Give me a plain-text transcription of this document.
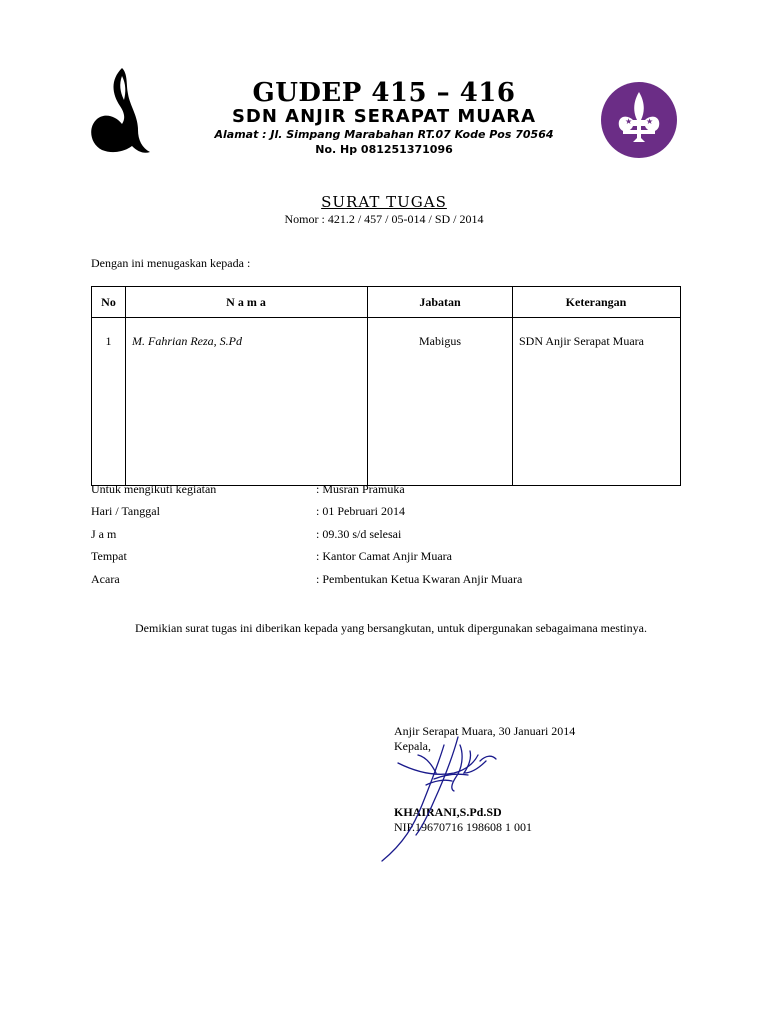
★ ★
GUDEP 415 – 416
SDN ANJIR SERAPAT MUARA
Alamat : Jl. Simpang Marabahan RT.07 Kode Pos 70564
No. Hp 081251371096
SURAT TUGAS
Nomor : 421.2 / 457 / 05-014 / SD / 2014
Dengan ini menugaskan kepada :
No	N a m a	Jabatan	Keterangan
1	M. Fahrian Reza, S.Pd	Mabigus	SDN Anjir Serapat Muara
Untuk mengikuti kegiatan	: Musran Pramuka
Hari / Tanggal	: 01 Pebruari 2014
J a m	: 09.30 s/d selesai
Tempat	: Kantor Camat Anjir Muara
Acara	: Pembentukan Ketua Kwaran Anjir Muara
Demikian surat tugas ini diberikan kepada yang bersangkutan, untuk dipergunakan sebagaimana mestinya.
Anjir Serapat Muara, 30 Januari 2014
Kepala,
KHAIRANI,S.Pd.SD
NIP.19670716 198608 1 001
